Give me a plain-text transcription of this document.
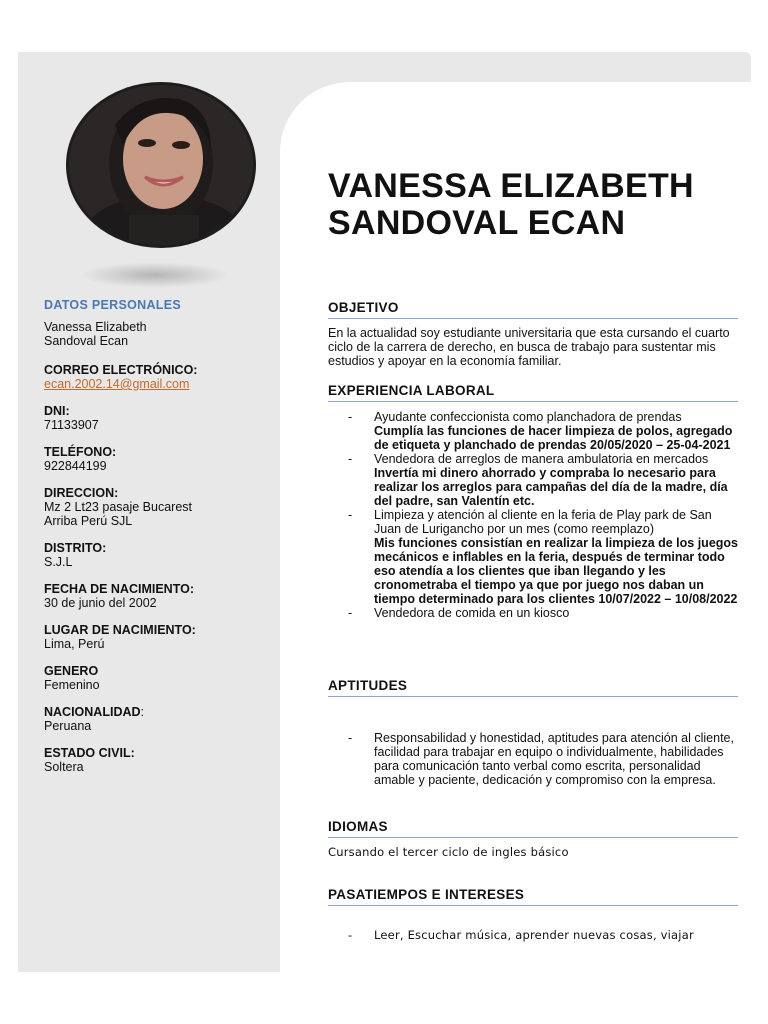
DATOS PERSONALES
Vanessa Elizabeth
Sandoval Ecan
CORREO ELECTRÓNICO:
ecan.2002.14@gmail.com
DNI:
71133907
TELÉFONO:
922844199
DIRECCION:
Mz 2 Lt23 pasaje Bucarest
Arriba Perú SJL
DISTRITO:
S.J.L
FECHA DE NACIMIENTO:
30 de junio del 2002
LUGAR DE NACIMIENTO:
Lima, Perú
GENERO
Femenino
NACIONALIDAD:
Peruana
ESTADO CIVIL:
Soltera
VANESSA ELIZABETH
SANDOVAL ECAN
OBJETIVO
En la actualidad soy estudiante universitaria que esta cursando el cuarto ciclo de la carrera de derecho, en busca de trabajo para sustentar mis estudios y apoyar en la economía familiar.
EXPERIENCIA LABORAL
- Ayudante confeccionista como planchadora de prendas
Cumplía las funciones de hacer limpieza de polos, agregado de etiqueta y planchado de prendas 20/05/2020 – 25-04-2021
- Vendedora de arreglos de manera ambulatoria en mercados
Invertía mi dinero ahorrado y compraba lo necesario para realizar los arreglos para campañas del día de la madre, día del padre, san Valentín etc.
- Limpieza y atención al cliente en la feria de Play park de San Juan de Lurigancho por un mes (como reemplazo)
Mis funciones consistían en realizar la limpieza de los juegos mecánicos e inflables en la feria, después de terminar todo eso atendía a los clientes que iban llegando y les cronometraba el tiempo ya que por juego nos daban un tiempo determinado para los clientes 10/07/2022 – 10/08/2022
- Vendedora de comida en un kiosco
APTITUDES
- Responsabilidad y honestidad, aptitudes para atención al cliente, facilidad para trabajar en equipo o individualmente, habilidades para comunicación tanto verbal como escrita, personalidad amable y paciente, dedicación y compromiso con la empresa.
IDIOMAS
Cursando el tercer ciclo de ingles básico
PASATIEMPOS E INTERESES
- Leer, Escuchar música, aprender nuevas cosas, viajar
